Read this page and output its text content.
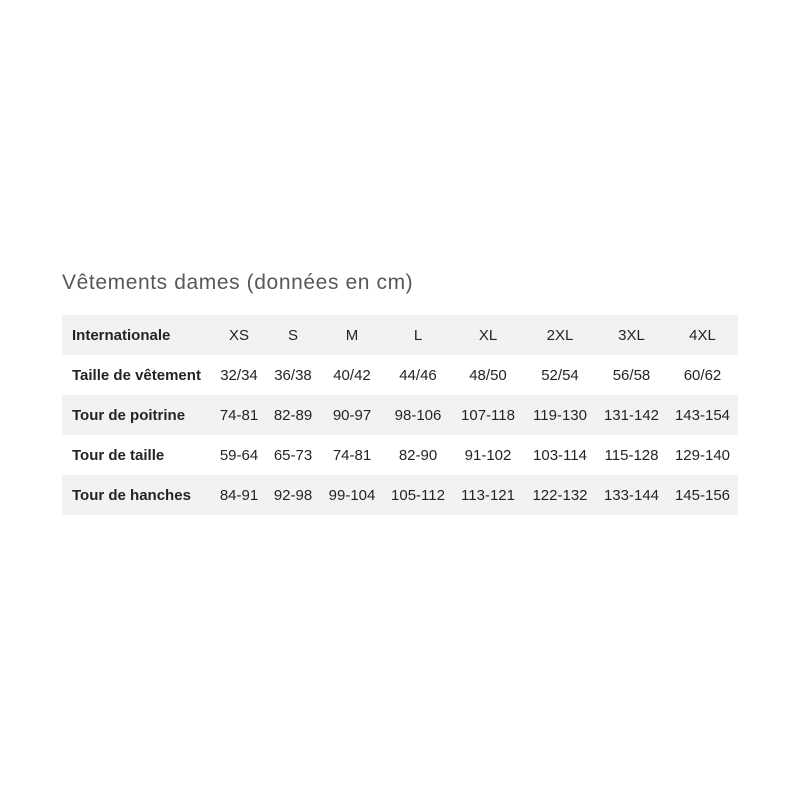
Vêtements dames (données en cm)
Internationale	XS	S	M	L	XL	2XL	3XL	4XL
Taille de vêtement	32/34	36/38	40/42	44/46	48/50	52/54	56/58	60/62
Tour de poitrine	74-81	82-89	90-97	98-106	107-118	119-130	131-142	143-154
Tour de taille	59-64	65-73	74-81	82-90	91-102	103-114	115-128	129-140
Tour de hanches	84-91	92-98	99-104	105-112	113-121	122-132	133-144	145-156
